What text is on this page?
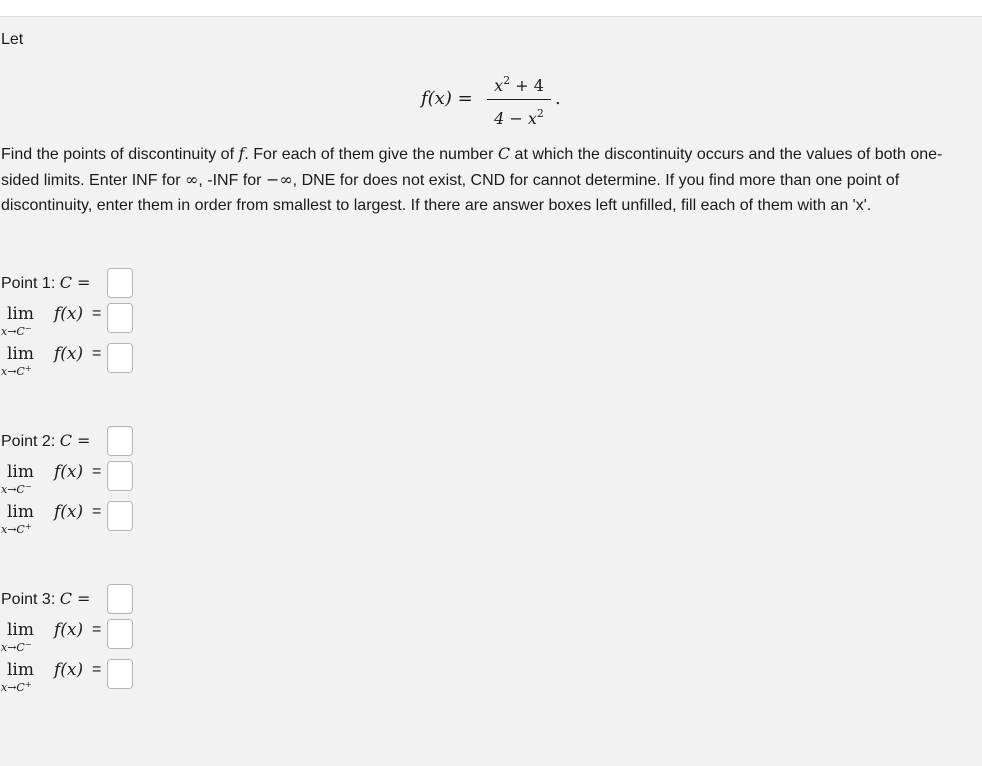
Let
f(x) =
$x^2 + 4$
$4 - x^2$
.
Find the points of discontinuity of f. For each of them give the number C at which the discontinuity occurs and the values of both one-sided limits. Enter INF for ∞, -INF for −∞, DNE for does not exist, CND for cannot determine. If you find more than one point of discontinuity, enter them in order from smallest to largest. If there are answer boxes left unfilled, fill each of them with an 'x'.
Point 1: C =
lim
x→C−
f(x) =
lim
x→C+
f(x) =
Point 2: C =
lim
x→C−
f(x) =
lim
x→C+
f(x) =
Point 3: C =
lim
x→C−
f(x) =
lim
x→C+
f(x) =
